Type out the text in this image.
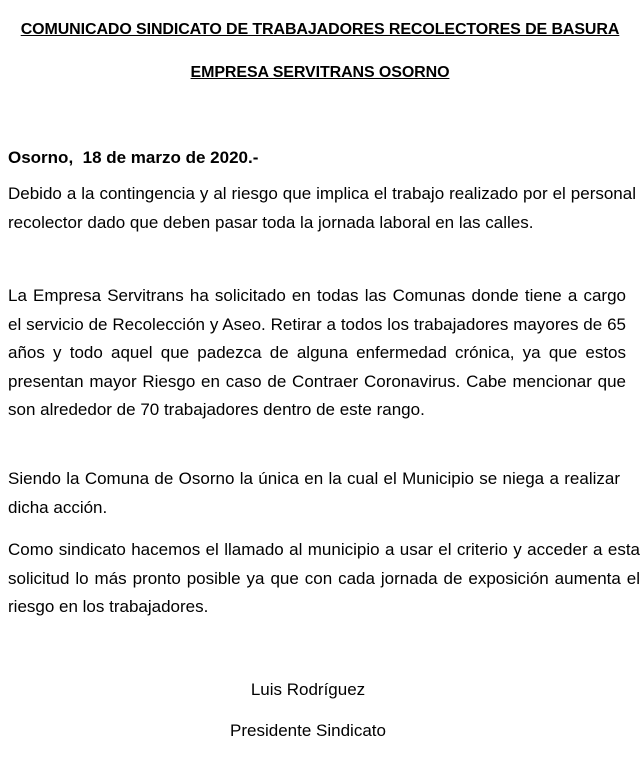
COMUNICADO SINDICATO DE TRABAJADORES RECOLECTORES DE BASURA
EMPRESA SERVITRANS OSORNO
Osorno,  18 de marzo de 2020.-

Debido a la contingencia y al riesgo que implica el trabajo realizado por el personal recolector dado que deben pasar toda la jornada laboral en las calles.

La Empresa Servitrans ha solicitado en todas las Comunas donde tiene a cargo el servicio de Recolección y Aseo. Retirar a todos los trabajadores mayores de 65 años y todo aquel que padezca de alguna enfermedad crónica, ya que estos presentan mayor Riesgo en caso de Contraer Coronavirus. Cabe mencionar que son alrededor de 70 trabajadores dentro de este rango.

Siendo la Comuna de Osorno la única en la cual el Municipio se niega a realizar dicha acción.

Como sindicato hacemos el llamado al municipio a usar el criterio y acceder a esta solicitud lo más pronto posible ya que con cada jornada de exposición aumenta el riesgo en los trabajadores.

Luis Rodríguez
Presidente Sindicato
